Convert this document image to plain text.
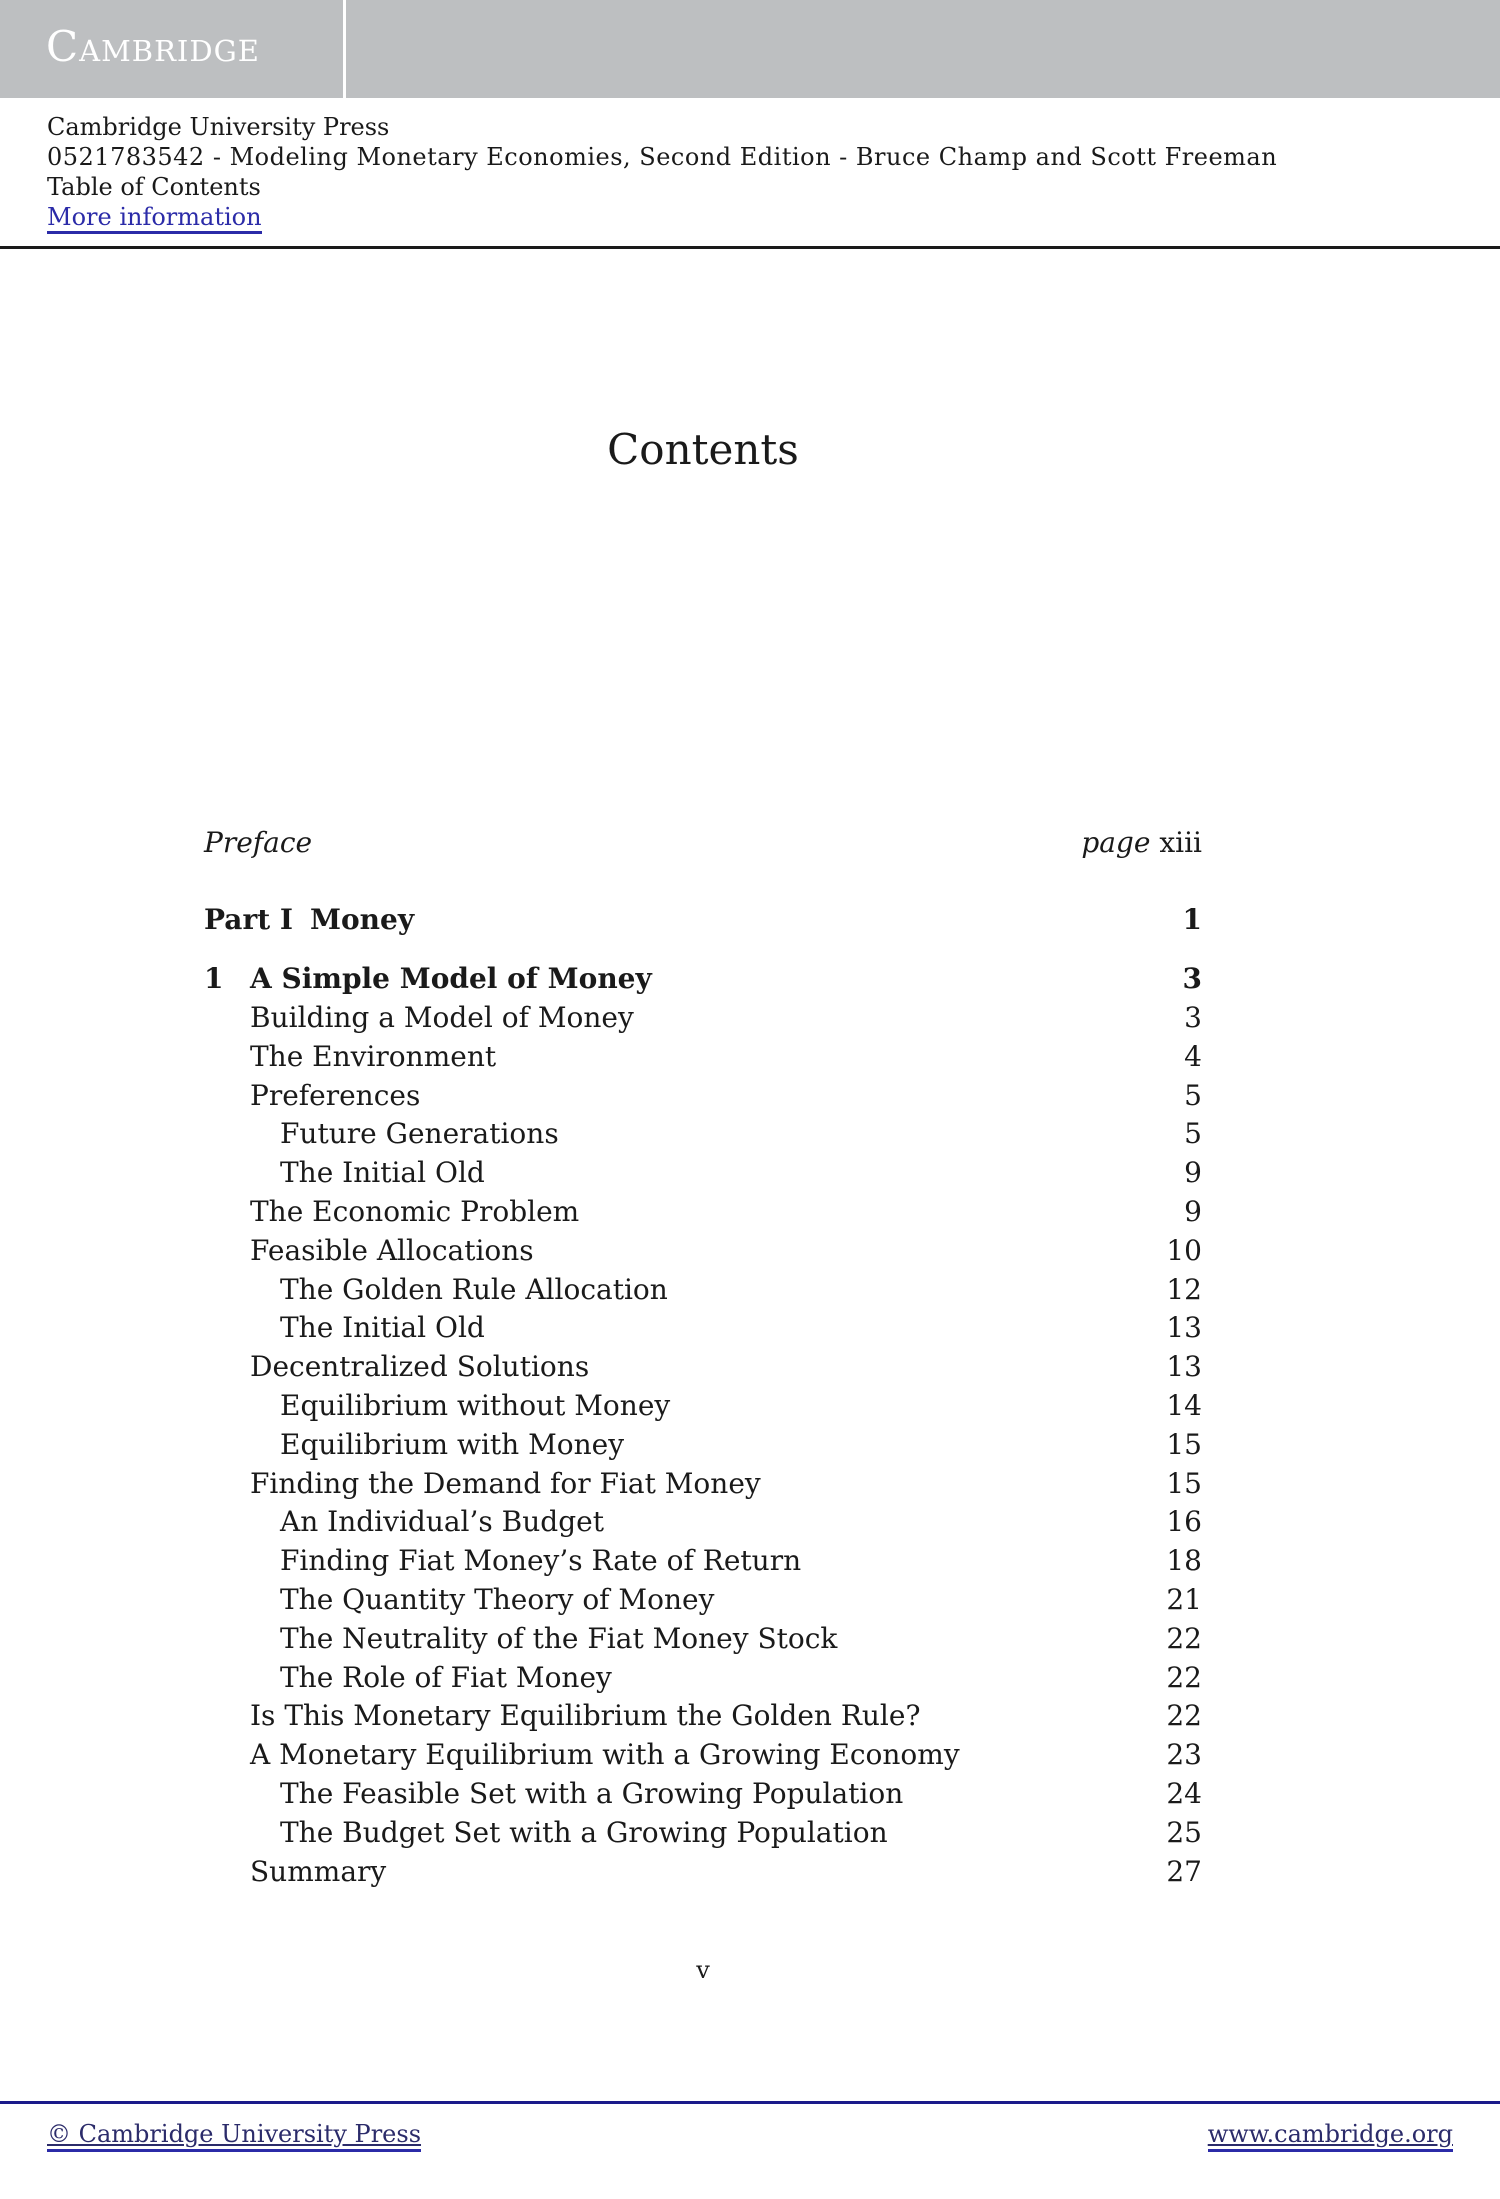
Cambridge
Cambridge University Press
0521783542 - Modeling Monetary Economies, Second Edition - Bruce Champ and Scott Freeman
Table of Contents
More information
Contents
Preface	page xiii
Part I Money	1
1 A Simple Model of Money	3
Building a Model of Money	3
The Environment	4
Preferences	5
Future Generations	5
The Initial Old	9
The Economic Problem	9
Feasible Allocations	10
The Golden Rule Allocation	12
The Initial Old	13
Decentralized Solutions	13
Equilibrium without Money	14
Equilibrium with Money	15
Finding the Demand for Fiat Money	15
An Individual’s Budget	16
Finding Fiat Money’s Rate of Return	18
The Quantity Theory of Money	21
The Neutrality of the Fiat Money Stock	22
The Role of Fiat Money	22
Is This Monetary Equilibrium the Golden Rule?	22
A Monetary Equilibrium with a Growing Economy	23
The Feasible Set with a Growing Population	24
The Budget Set with a Growing Population	25
Summary	27
v
© Cambridge University Press	www.cambridge.org
